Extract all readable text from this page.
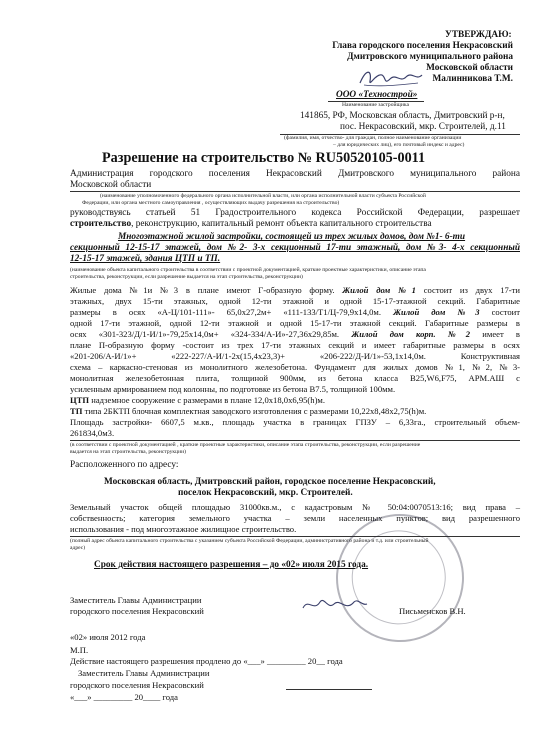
УТВЕРЖДАЮ:
Глава городского поселения Некрасовский
Дмитровского муниципального района
Московской области
Малинникова Т.М.
ООО «Технострой»
Наименование застройщика
141865, РФ, Московская область, Дмитровский р-н,
пос. Некрасовский, мкр. Строителей, д.11
(фамилия, имя, отчество- для граждан, полное наименование организации
– для юридических лиц), его почтовый индекс и адрес)
Разрешение на строительство № RU50520105-0011
Администрация городского поселения Некрасовский Дмитровского муниципального района
Московской области
(наименование уполномоченного федерального органа исполнительной власти, или органа исполнительной власти субъекта Российской
Федерации, или органа местного самоуправления , осуществляющих выдачу разрешения на строительство)
руководствуясь статьей 51 Градостроительного кодекса Российской Федерации, разрешает
строительство, реконструкцию, капитальный ремонт объекта капитального строительства
Многоэтажной жилой застройки, состоящей из трех жилых домов, дом №1- 6-ти
секционный 12-15-17 этажей, дом №2- 3-х секционный 17-ти этажный, дом №3- 4-х секционный
12-15-17 этажей, здания ЦТП и ТП.
(наименование объекта капитального строительства в соответствии с проектной документацией, краткие проектные характеристики, описание этапа
строительства, реконструкции, если разрешение выдается на этап строительства, реконструкции)
Жилые дома №1и №3 в плане имеют Г-образную форму. Жилой дом №1 состоит из двух 17-ти
этажных, двух 15-ти этажных, одной 12-ти этажной и одной 15-17-этажной секций. Габаритные
размеры в осях «А-Ц/101-111»- 65,0х27,2м+ «111-133/Т1/Ц-79,9х14,0м. Жилой дом №3 состоит
одной 17-ти этажной, одной 12-ти этажной и одной 15-17-ти этажной секций. Габаритные размеры в
осях «301-323/Д/1-И/1»-79,25х14,0м+ «324-334/А-И»-27,36х29,85м. Жилой дом корп. №2 имеет в
плане П-образную форму -состоит из трех 17-ти этажных секций и имеет габаритные размеры в осях
«201-206/А-И/1»+ «222-227/А-И/1-2х(15,4х23,3)+ «206-222/Д-И/1»-53,1х14,0м. Конструктивная
схема – каркасно-стеновая из монолитного железобетона. Фундамент для жилых домов №1, №2, №3-
монолитная железобетонная плита, толщиной 900мм, из бетона класса В25,W6,F75, АРМ.АШ с
усиленным армированием под колонны, по подготовке из бетона В7.5, толщиной 100мм.
ЦТП надземное сооружение с размерами в плане 12,0х18,0х6,95(h)м.
ТП типа 2БКТП блочная комплектная заводского изготовления с размерами 10,22х8,48х2,75(h)м.
Площадь застройки- 6607,5 м.кв., площадь участка в границах ГПЗУ – 6,33га., строительный объем-
261834,0м3.
(в соответствии с проектной документацией , краткие проектные характеристики, описание этапа строительства, реконструкции, если разрешение
выдается на этап строительства, реконструкции)
Расположенного по адресу:
Московская область, Дмитровский район, городское поселение Некрасовский,
поселок Некрасовский, мкр. Строителей.
Земельный участок общей площадью 31000кв.м., с кадастровым № 50:04:0070513:16; вид права –
собственность; категория земельного участка – земли населенных пунктов; вид разрешенного
использования - под многоэтажное жилищное строительство.
(полный адрес объекта капитального строительства с указанием субъекта Российской Федерации, административного района и т.д. или строительный
адрес)
Срок действия настоящего разрешения – до «02» июля 2015 года.
Заместитель Главы Администрации
городского поселения Некрасовский	Письменсков В.Н.
«02» июля 2012 года
М.П.
Действие настоящего разрешения продлено до «___» _________ 20__ года
Заместитель Главы Администрации
городского поселения Некрасовский
«___» _________ 20____ года
